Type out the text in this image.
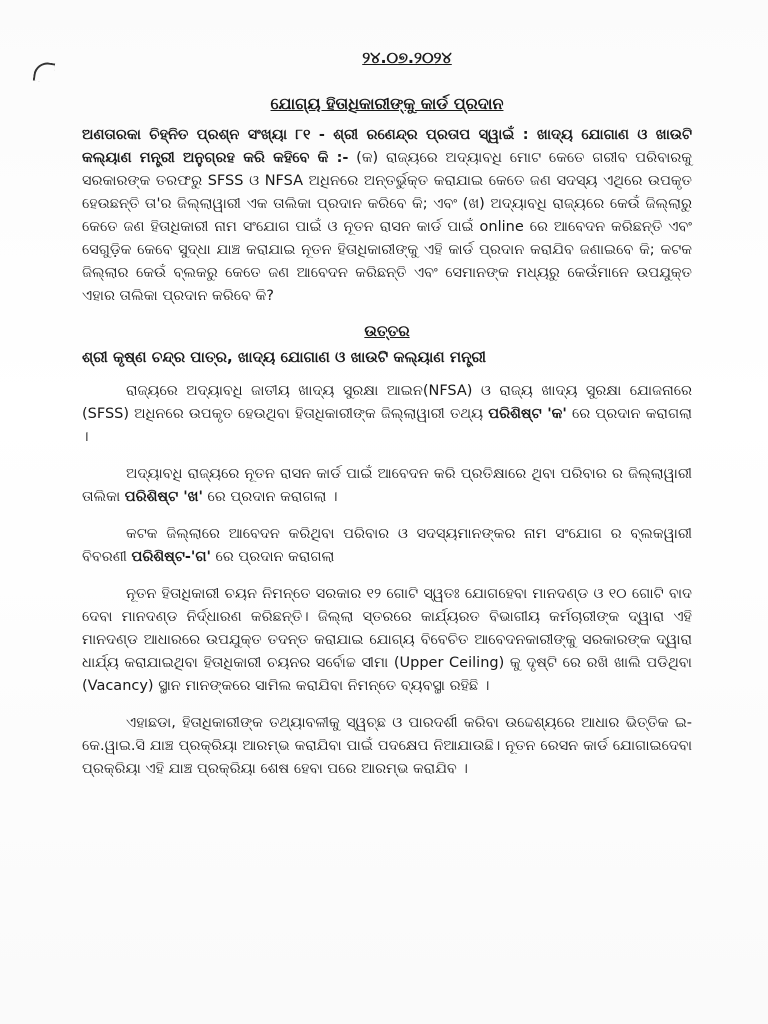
୨୪.୦୭.୨୦୨୪
ଯୋଗ୍ୟ ହିତାଧିକାରୀଙ୍କୁ କାର୍ଡ ପ୍ରଦାନ

ଅଣତାରକା ଚିହ୍ନିତ ପ୍ରଶ୍ନ ସଂଖ୍ୟା ୮୧ - ଶ୍ରୀ ରଣେନ୍ଦ୍ର ପ୍ରତାପ ସ୍ୱାଇଁ : ଖାଦ୍ୟ ଯୋଗାଣ ଓ ଖାଉଟି କଲ୍ୟାଣ ମନ୍ତ୍ରୀ ଅନୁଗ୍ରହ କରି କହିବେ କି :- (କ) ରାଜ୍ୟରେ ଅଦ୍ୟାବଧି ମୋଟ କେତେ ଗରୀବ ପରିବାରକୁ ସରକାରଙ୍କ ତରଫରୁ SFSS ଓ NFSA ଅଧିନରେ ଅନ୍ତର୍ଭୁକ୍ତ କରାଯାଇ କେତେ ଜଣ ସଦସ୍ୟ ଏଥିରେ ଉପକୃତ ହେଉଛନ୍ତି ତା'ର ଜିଲ୍ଲାୱାରୀ ଏକ ତାଲିକା ପ୍ରଦାନ କରିବେ କି; ଏବଂ (ଖ) ଅଦ୍ୟାବଧି ରାଜ୍ୟରେ କେଉଁ ଜିଲ୍ଲାରୁ କେତେ ଜଣ ହିତାଧିକାରୀ ନାମ ସଂଯୋଗ ପାଇଁ ଓ ନୂତନ ରାସନ କାର୍ଡ ପାଇଁ online ରେ ଆବେଦନ କରିଛନ୍ତି ଏବଂ ସେଗୁଡ଼ିକ କେବେ ସୁଦ୍ଧା ଯାଞ୍ଚ କରାଯାଇ ନୂତନ ହିତାଧିକାରୀଙ୍କୁ ଏହି କାର୍ଡ ପ୍ରଦାନ କରାଯିବ ଜଣାଇବେ କି; କଟକ ଜିଲ୍ଲାର କେଉଁ ବ୍ଲକରୁ କେତେ ଜଣ ଆବେଦନ କରିଛନ୍ତି ଏବଂ ସେମାନଙ୍କ ମଧ୍ୟରୁ କେଉଁମାନେ ଉପଯୁକ୍ତ ଏହାର ତାଲିକା ପ୍ରଦାନ କରିବେ କି?

ଉତ୍ତର
ଶ୍ରୀ କୃଷ୍ଣ ଚନ୍ଦ୍ର ପାତ୍ର, ଖାଦ୍ୟ ଯୋଗାଣ ଓ ଖାଉଟି କଲ୍ୟାଣ ମନ୍ତ୍ରୀ

ରାଜ୍ୟରେ ଅଦ୍ୟାବଧି ଜାତୀୟ ଖାଦ୍ୟ ସୁରକ୍ଷା ଆଇନ(NFSA) ଓ ରାଜ୍ୟ ଖାଦ୍ୟ ସୁରକ୍ଷା ଯୋଜନାରେ (SFSS) ଅଧିନରେ ଉପକୃତ ହେଉଥିବା ହିତାଧିକାରୀଙ୍କ ଜିଲ୍ଲାୱାରୀ ତଥ୍ୟ ପରିଶିଷ୍ଟ 'କ' ରେ ପ୍ରଦାନ କରାଗଲା ।

ଅଦ୍ୟାବଧି ରାଜ୍ୟରେ ନୂତନ ରାସନ କାର୍ଡ ପାଇଁ ଆବେଦନ କରି ପ୍ରତିକ୍ଷାରେ ଥିବା ପରିବାର ର ଜିଲ୍ଲାୱାରୀ ତାଲିକା ପରିଶିଷ୍ଟ 'ଖ' ରେ ପ୍ରଦାନ କରାଗଲା ।

କଟକ ଜିଲ୍ଲାରେ ଆବେଦନ କରିଥିବା ପରିବାର ଓ ସଦସ୍ୟମାନଙ୍କର ନାମ ସଂଯୋଗ ର ବ୍ଲକୱାରୀ ବିବରଣୀ ପରିଶିଷ୍ଟ-'ଗ' ରେ ପ୍ରଦାନ କରାଗଲା

ନୂତନ ହିତାଧିକାରୀ ଚୟନ ନିମନ୍ତେ ସରକାର ୧୨ ଗୋଟି ସ୍ୱତଃ ଯୋଗହେବା ମାନଦଣ୍ଡ ଓ ୧୦ ଗୋଟି ବାଦ ଦେବା ମାନଦଣ୍ଡ ନିର୍ଦ୍ଧାରଣ କରିଛନ୍ତି। ଜିଲ୍ଲା ସ୍ତରରେ କାର୍ଯ୍ୟରତ ବିଭାଗୀୟ କର୍ମଚାରୀଙ୍କ ଦ୍ୱାରା ଏହି ମାନଦଣ୍ଡ ଆଧାରରେ ଉପଯୁକ୍ତ ତଦନ୍ତ କରାଯାଇ ଯୋଗ୍ୟ ବିବେଚିତ ଆବେଦନକାରୀଙ୍କୁ ସରକାରଙ୍କ ଦ୍ୱାରା ଧାର୍ଯ୍ୟ କରାଯାଇଥିବା ହିତାଧିକାରୀ ଚୟନର ସର୍ବୋଚ୍ଚ ସୀମା (Upper Ceiling) କୁ ଦୃଷ୍ଟି ରେ ରଖି ଖାଲି ପଡିଥିବା (Vacancy) ସ୍ଥାନ ମାନଙ୍କରେ ସାମିଲ କରାଯିବା ନିମନ୍ତେ ବ୍ୟବସ୍ଥା ରହିଛି ।

ଏହାଛଡା, ହିତାଧିକାରୀଙ୍କ ତଥ୍ୟାବଳୀକୁ ସ୍ୱଚ୍ଛ ଓ ପାରଦର୍ଶୀ କରିବା ଉଦ୍ଦେଶ୍ୟରେ ଆଧାର ଭିତ୍ତିକ ଇ-କେ.ୱାଇ.ସି ଯାଞ୍ଚ ପ୍ରକ୍ରିୟା ଆରମ୍ଭ କରାଯିବା ପାଇଁ ପଦକ୍ଷେପ ନିଆଯାଉଛି। ନୂତନ ରେସନ କାର୍ଡ ଯୋଗାଇଦେବା ପ୍ରକ୍ରିୟା ଏହି ଯାଞ୍ଚ ପ୍ରକ୍ରିୟା ଶେଷ ହେବା ପରେ ଆରମ୍ଭ କରାଯିବ ।
